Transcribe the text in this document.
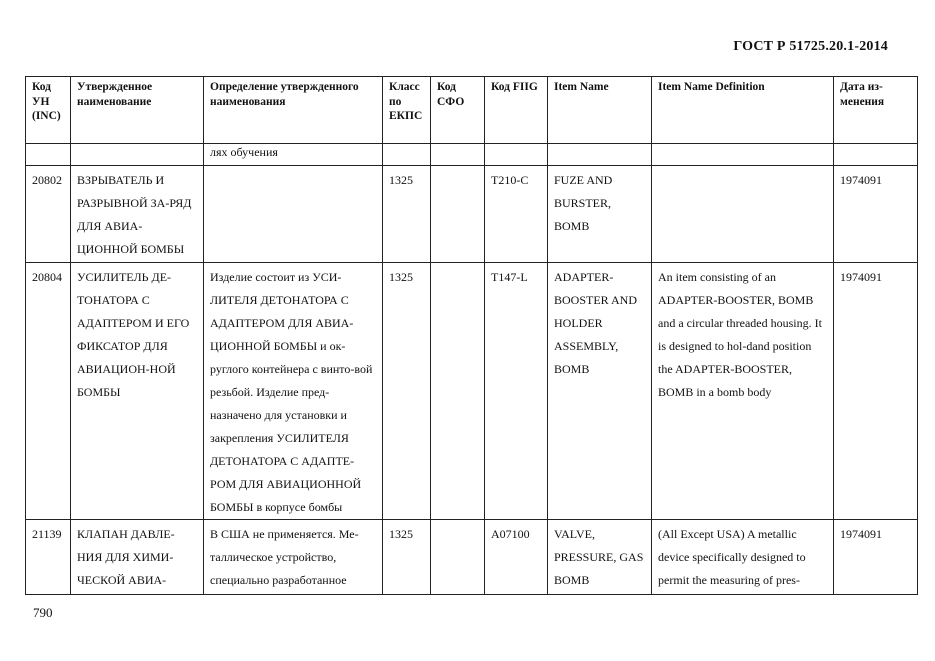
ГОСТ Р 51725.20.1-2014
Код УН (INC)	Утвержденное наименование	Определение утвержденного наименования	Класс по ЕКПС	Код СФО	Код FIIG	Item Name	Item Name Definition	Дата из-менения
		лях обучения						
20802	ВЗРЫВАТЕЛЬ И РАЗРЫВНОЙ ЗА-РЯД ДЛЯ АВИА-ЦИОННОЙ БОМБЫ		1325		T210-C	FUZE AND BURSTER, BOMB		1974091
20804	УСИЛИТЕЛЬ ДЕ-ТОНАТОРА С АДАПТЕРОМ И ЕГО ФИКСАТОР ДЛЯ АВИАЦИОН-НОЙ БОМБЫ	Изделие состоит из УСИ-ЛИТЕЛЯ ДЕТОНАТОРА С АДАПТЕРОМ ДЛЯ АВИА-ЦИОННОЙ БОМБЫ и ок-руглого контейнера с винто-вой резьбой. Изделие пред-назначено для установки и закрепления УСИЛИТЕЛЯ ДЕТОНАТОРА С АДАПТЕ-РОМ ДЛЯ АВИАЦИОННОЙ БОМБЫ в корпусе бомбы	1325		T147-L	ADAPTER-BOOSTER AND HOLDER ASSEMBLY, BOMB	An item consisting of an ADAPTER-BOOSTER, BOMB and a circular threaded housing. It is designed to hol-dand position the ADAPTER-BOOSTER, BOMB in a bomb body	1974091
21139	КЛАПАН ДАВЛЕ-НИЯ ДЛЯ ХИМИ-ЧЕСКОЙ АВИА-	В США не применяется. Ме-таллическое устройство, специально разработанное	1325		A07100	VALVE, PRESSURE, GAS BOMB	(All Except USA) A metallic device specifically designed to permit the measuring of pres-	1974091
790
